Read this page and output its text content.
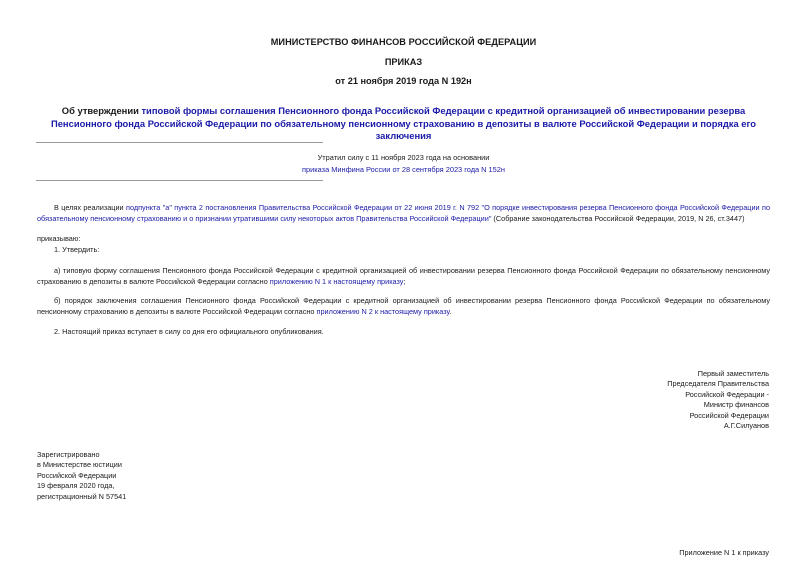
МИНИСТЕРСТВО ФИНАНСОВ РОССИЙСКОЙ ФЕДЕРАЦИИ
ПРИКАЗ
от 21 ноября 2019 года N 192н
Об утверждении типовой формы соглашения Пенсионного фонда Российской Федерации с кредитной организацией об инвестировании резерва Пенсионного фонда Российской Федерации по обязательному пенсионному страхованию в депозиты в валюте Российской Федерации и порядка его заключения
Утратил силу с 11 ноября 2023 года на основании
приказа Минфина России от 28 сентября 2023 года N 152н
В целях реализации подпункта "а" пункта 2 постановления Правительства Российской Федерации от 22 июня 2019 г. N 792 "О порядке инвестирования резерва Пенсионного фонда Российской Федерации по обязательному пенсионному страхованию и о признании утратившими силу некоторых актов Правительства Российской Федерации" (Собрание законодательства Российской Федерации, 2019, N 26, ст.3447)
приказываю:
1. Утвердить:
а) типовую форму соглашения Пенсионного фонда Российской Федерации с кредитной организацией об инвестировании резерва Пенсионного фонда Российской Федерации по обязательному пенсионному страхованию в депозиты в валюте Российской Федерации согласно приложению N 1 к настоящему приказу;
б) порядок заключения соглашения Пенсионного фонда Российской Федерации с кредитной организацией об инвестировании резерва Пенсионного фонда Российской Федерации по обязательному пенсионному страхованию в депозиты в валюте Российской Федерации согласно приложению N 2 к настоящему приказу.
2. Настоящий приказ вступает в силу со дня его официального опубликования.
Первый заместитель
Председателя Правительства
Российской Федерации -
Министр финансов
Российской Федерации
А.Г.Силуанов
Зарегистрировано
в Министерстве юстиции
Российской Федерации
19 февраля 2020 года,
регистрационный N 57541
Приложение N 1 к приказу
